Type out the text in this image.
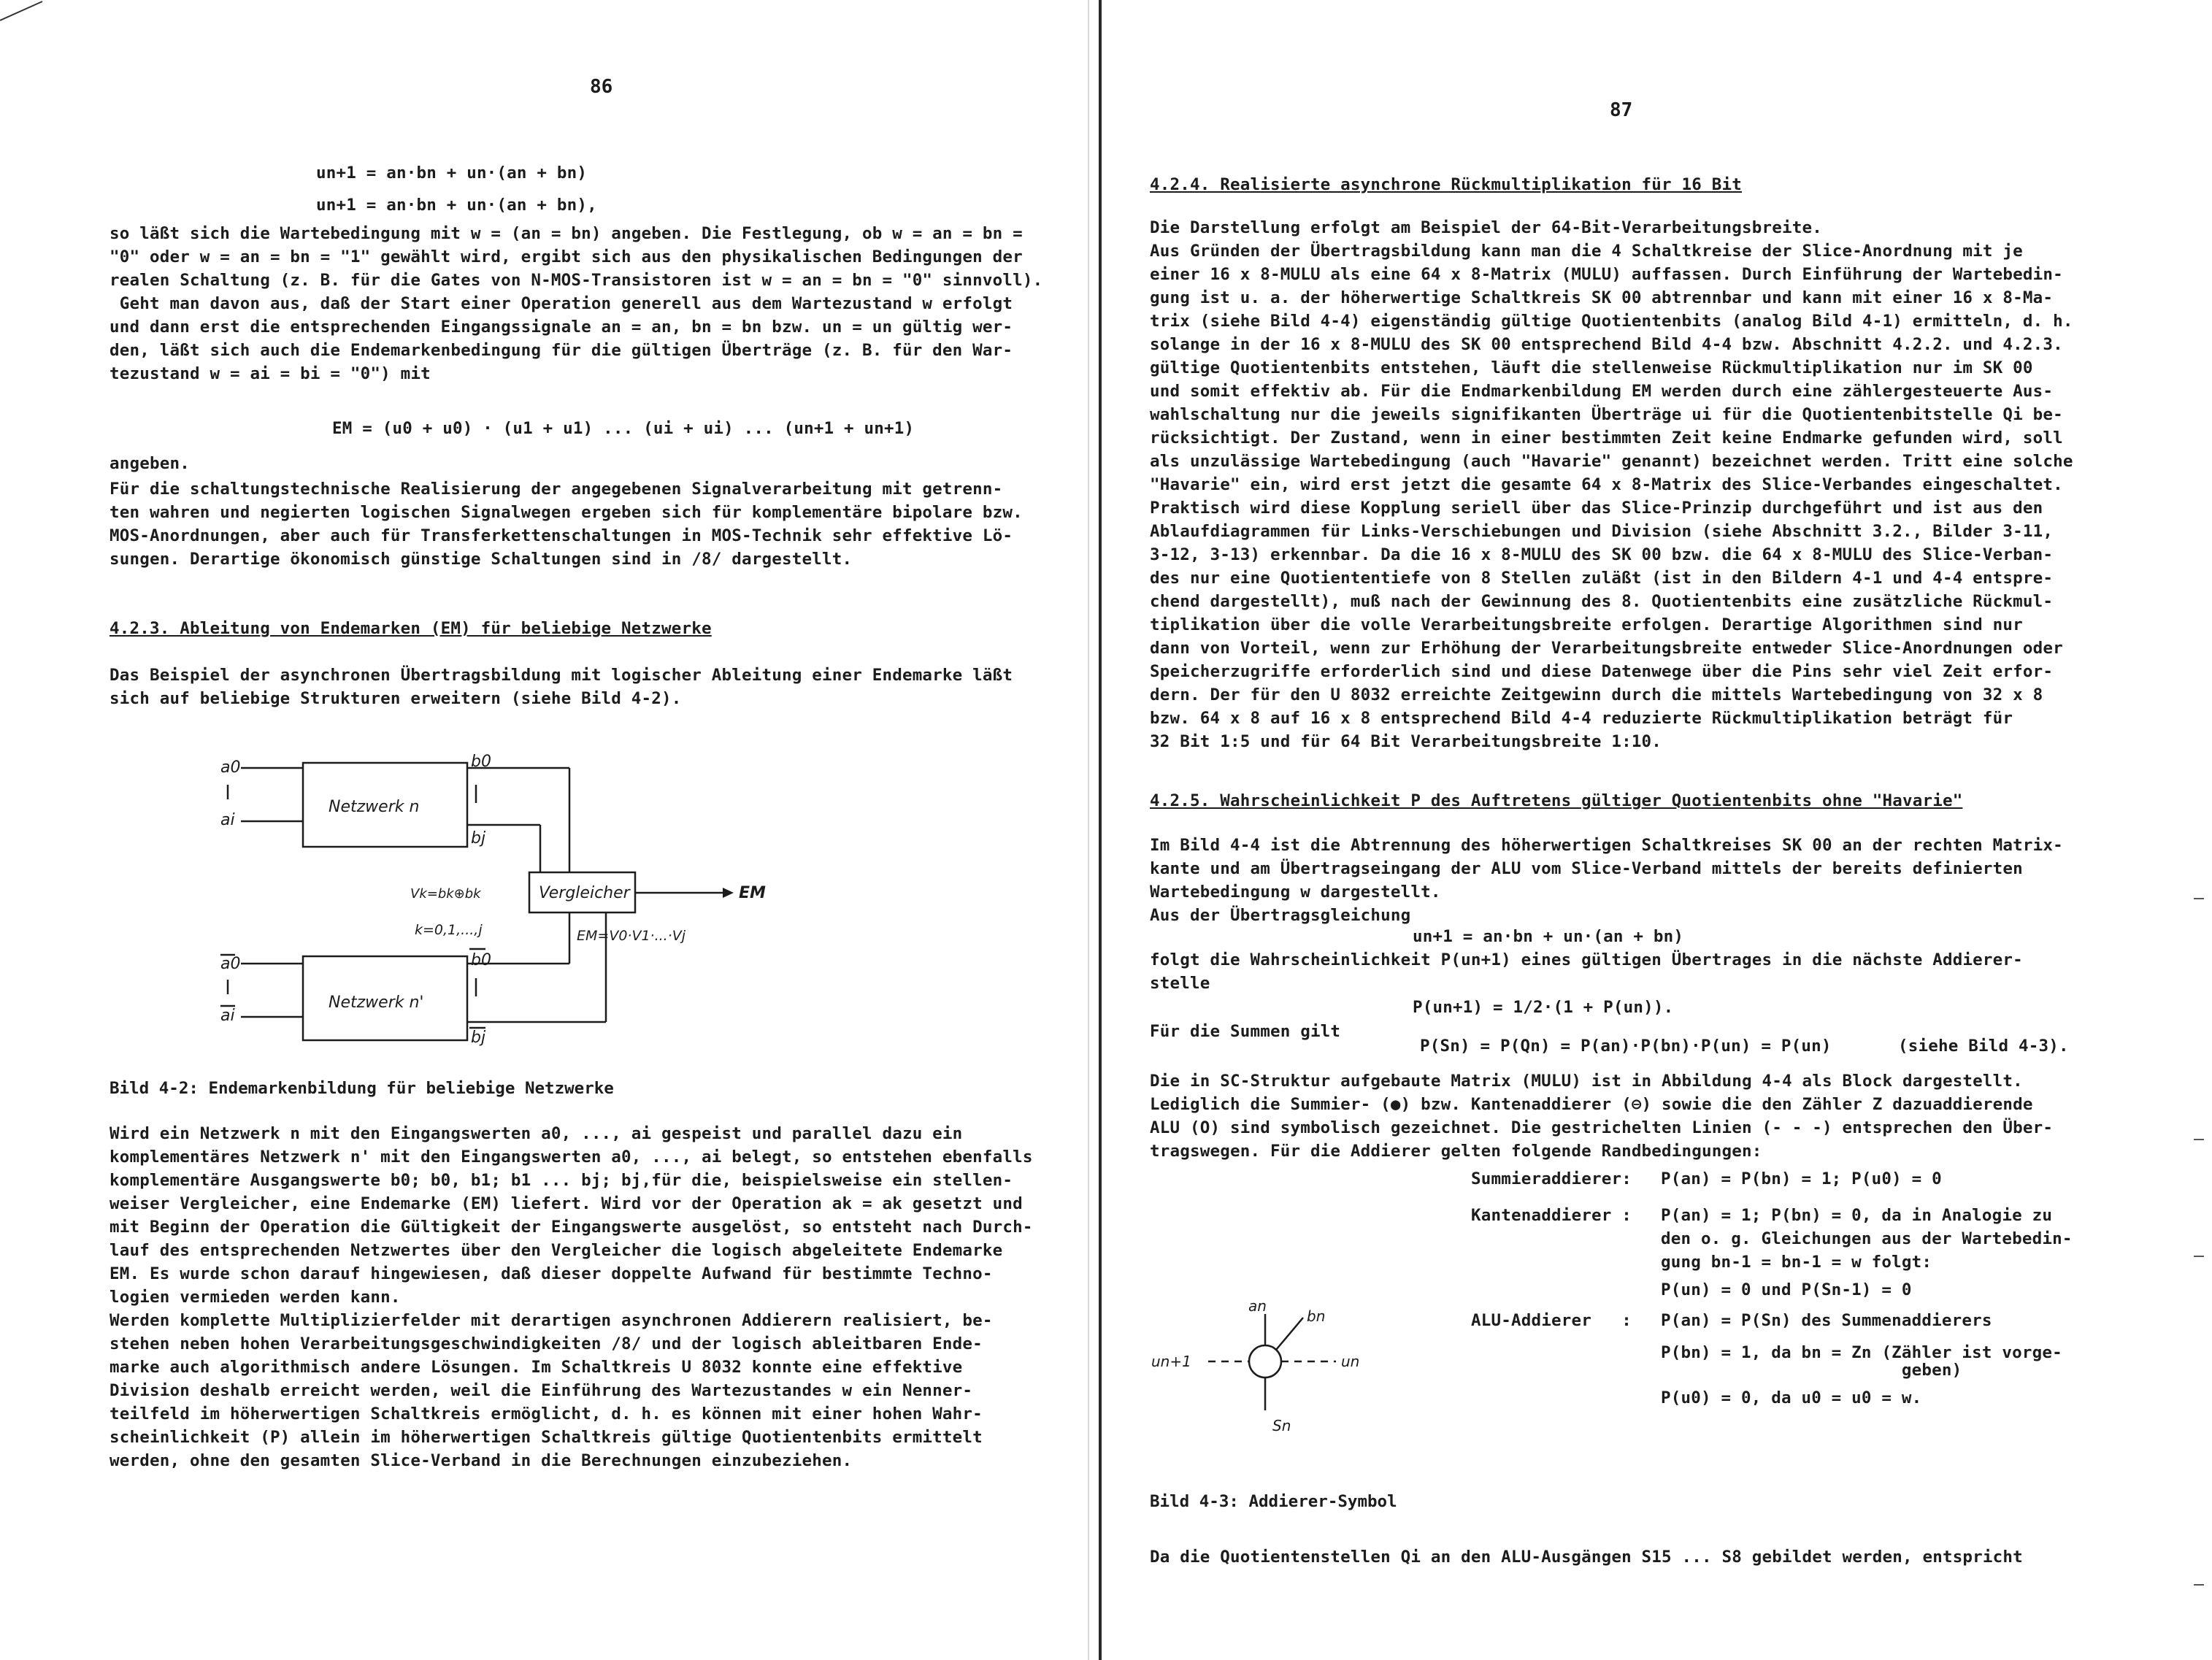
86
un+1 = an·bn + un·(an + bn)
un+1 = an·bn + un·(an + bn),
so läßt sich die Wartebedingung mit w = (an = bn) angeben. Die Festlegung, ob w = an = bn =
"0" oder w = an = bn = "1" gewählt wird, ergibt sich aus den physikalischen Bedingungen der
realen Schaltung (z. B. für die Gates von N-MOS-Transistoren ist w = an = bn = "0" sinnvoll).
Geht man davon aus, daß der Start einer Operation generell aus dem Wartezustand w erfolgt
und dann erst die entsprechenden Eingangssignale an = an, bn = bn bzw. un = un gültig wer-
den, läßt sich auch die Endemarkenbedingung für die gültigen Überträge (z. B. für den War-
tezustand w = ai = bi = "0") mit
EM = (u0 + u0) · (u1 + u1) ... (ui + ui) ... (un+1 + un+1)
angeben.
Für die schaltungstechnische Realisierung der angegebenen Signalverarbeitung mit getrenn-
ten wahren und negierten logischen Signalwegen ergeben sich für komplementäre bipolare bzw.
MOS-Anordnungen, aber auch für Transferkettenschaltungen in MOS-Technik sehr effektive Lö-
sungen. Derartige ökonomisch günstige Schaltungen sind in /8/ dargestellt.
4.2.3. Ableitung von Endemarken (EM) für beliebige Netzwerke
Das Beispiel der asynchronen Übertragsbildung mit logischer Ableitung einer Endemarke läßt
sich auf beliebige Strukturen erweitern (siehe Bild 4-2).
Netzwerk n
a0
ai
b0
bj
Vergleicher	EM
Vk=bk⊕bk
k=0,1,...,j	EM=V0·V1·...·Vj
Netzwerk n'
a0
ai
b0
bj
Bild 4-2: Endemarkenbildung für beliebige Netzwerke
Wird ein Netzwerk n mit den Eingangswerten a0, ..., ai gespeist und parallel dazu ein
komplementäres Netzwerk n' mit den Eingangswerten a0, ..., ai belegt, so entstehen ebenfalls
komplementäre Ausgangswerte b0; b0, b1; b1 ... bj; bj,für die, beispielsweise ein stellen-
weiser Vergleicher, eine Endemarke (EM) liefert. Wird vor der Operation ak = ak gesetzt und
mit Beginn der Operation die Gültigkeit der Eingangswerte ausgelöst, so entsteht nach Durch-
lauf des entsprechenden Netzwertes über den Vergleicher die logisch abgeleitete Endemarke
EM. Es wurde schon darauf hingewiesen, daß dieser doppelte Aufwand für bestimmte Techno-
logien vermieden werden kann.
Werden komplette Multiplizierfelder mit derartigen asynchronen Addierern realisiert, be-
stehen neben hohen Verarbeitungsgeschwindigkeiten /8/ und der logisch ableitbaren Ende-
marke auch algorithmisch andere Lösungen. Im Schaltkreis U 8032 konnte eine effektive
Division deshalb erreicht werden, weil die Einführung des Wartezustandes w ein Nenner-
teilfeld im höherwertigen Schaltkreis ermöglicht, d. h. es können mit einer hohen Wahr-
scheinlichkeit (P) allein im höherwertigen Schaltkreis gültige Quotientenbits ermittelt
werden, ohne den gesamten Slice-Verband in die Berechnungen einzubeziehen.
87
4.2.4. Realisierte asynchrone Rückmultiplikation für 16 Bit
Die Darstellung erfolgt am Beispiel der 64-Bit-Verarbeitungsbreite.
Aus Gründen der Übertragsbildung kann man die 4 Schaltkreise der Slice-Anordnung mit je
einer 16 x 8-MULU als eine 64 x 8-Matrix (MULU) auffassen. Durch Einführung der Wartebedin-
gung ist u. a. der höherwertige Schaltkreis SK 00 abtrennbar und kann mit einer 16 x 8-Ma-
trix (siehe Bild 4-4) eigenständig gültige Quotientenbits (analog Bild 4-1) ermitteln, d. h.
solange in der 16 x 8-MULU des SK 00 entsprechend Bild 4-4 bzw. Abschnitt 4.2.2. und 4.2.3.
gültige Quotientenbits entstehen, läuft die stellenweise Rückmultiplikation nur im SK 00
und somit effektiv ab. Für die Endmarkenbildung EM werden durch eine zählergesteuerte Aus-
wahlschaltung nur die jeweils signifikanten Überträge ui für die Quotientenbitstelle Qi be-
rücksichtigt. Der Zustand, wenn in einer bestimmten Zeit keine Endmarke gefunden wird, soll
als unzulässige Wartebedingung (auch "Havarie" genannt) bezeichnet werden. Tritt eine solche
"Havarie" ein, wird erst jetzt die gesamte 64 x 8-Matrix des Slice-Verbandes eingeschaltet.
Praktisch wird diese Kopplung seriell über das Slice-Prinzip durchgeführt und ist aus den
Ablaufdiagrammen für Links-Verschiebungen und Division (siehe Abschnitt 3.2., Bilder 3-11,
3-12, 3-13) erkennbar. Da die 16 x 8-MULU des SK 00 bzw. die 64 x 8-MULU des Slice-Verban-
des nur eine Quotiententiefe von 8 Stellen zuläßt (ist in den Bildern 4-1 und 4-4 entspre-
chend dargestellt), muß nach der Gewinnung des 8. Quotientenbits eine zusätzliche Rückmul-
tiplikation über die volle Verarbeitungsbreite erfolgen. Derartige Algorithmen sind nur
dann von Vorteil, wenn zur Erhöhung der Verarbeitungsbreite entweder Slice-Anordnungen oder
Speicherzugriffe erforderlich sind und diese Datenwege über die Pins sehr viel Zeit erfor-
dern. Der für den U 8032 erreichte Zeitgewinn durch die mittels Wartebedingung von 32 x 8
bzw. 64 x 8 auf 16 x 8 entsprechend Bild 4-4 reduzierte Rückmultiplikation beträgt für
32 Bit 1:5 und für 64 Bit Verarbeitungsbreite 1:10.
4.2.5. Wahrscheinlichkeit P des Auftretens gültiger Quotientenbits ohne "Havarie"
Im Bild 4-4 ist die Abtrennung des höherwertigen Schaltkreises SK 00 an der rechten Matrix-
kante und am Übertragseingang der ALU vom Slice-Verband mittels der bereits definierten
Wartebedingung w dargestellt.
Aus der Übertragsgleichung
un+1 = an·bn + un·(an + bn)
folgt die Wahrscheinlichkeit P(un+1) eines gültigen Übertrages in die nächste Addierer-
stelle
P(un+1) = 1/2·(1 + P(un)).
Für die Summen gilt
P(Sn) = P(Qn) = P(an)·P(bn)·P(un) = P(un)	(siehe Bild 4-3).
Die in SC-Struktur aufgebaute Matrix (MULU) ist in Abbildung 4-4 als Block dargestellt.
Lediglich die Summier- (●) bzw. Kantenaddierer (⊖) sowie die den Zähler Z dazuaddierende
ALU (O) sind symbolisch gezeichnet. Die gestrichelten Linien (- - -) entsprechen den Über-
tragswegen. Für die Addierer gelten folgende Randbedingungen:
Summieraddierer: P(an) = P(bn) = 1; P(u0) = 0
Kantenaddierer : P(an) = 1; P(bn) = 0, da in Analogie zu
den o. g. Gleichungen aus der Wartebedin-
gung bn-1 = bn-1 = w folgt:
P(un) = 0 und P(Sn-1) = 0
ALU-Addierer   : P(an) = P(Sn) des Summenaddierers
P(bn) = 1, da bn = Zn (Zähler ist vorge-
geben)
P(u0) = 0, da u0 = u0 = w.
an
bn
un+1	un
Sn
Bild 4-3: Addierer-Symbol
Da die Quotientenstellen Qi an den ALU-Ausgängen S15 ... S8 gebildet werden, entspricht
